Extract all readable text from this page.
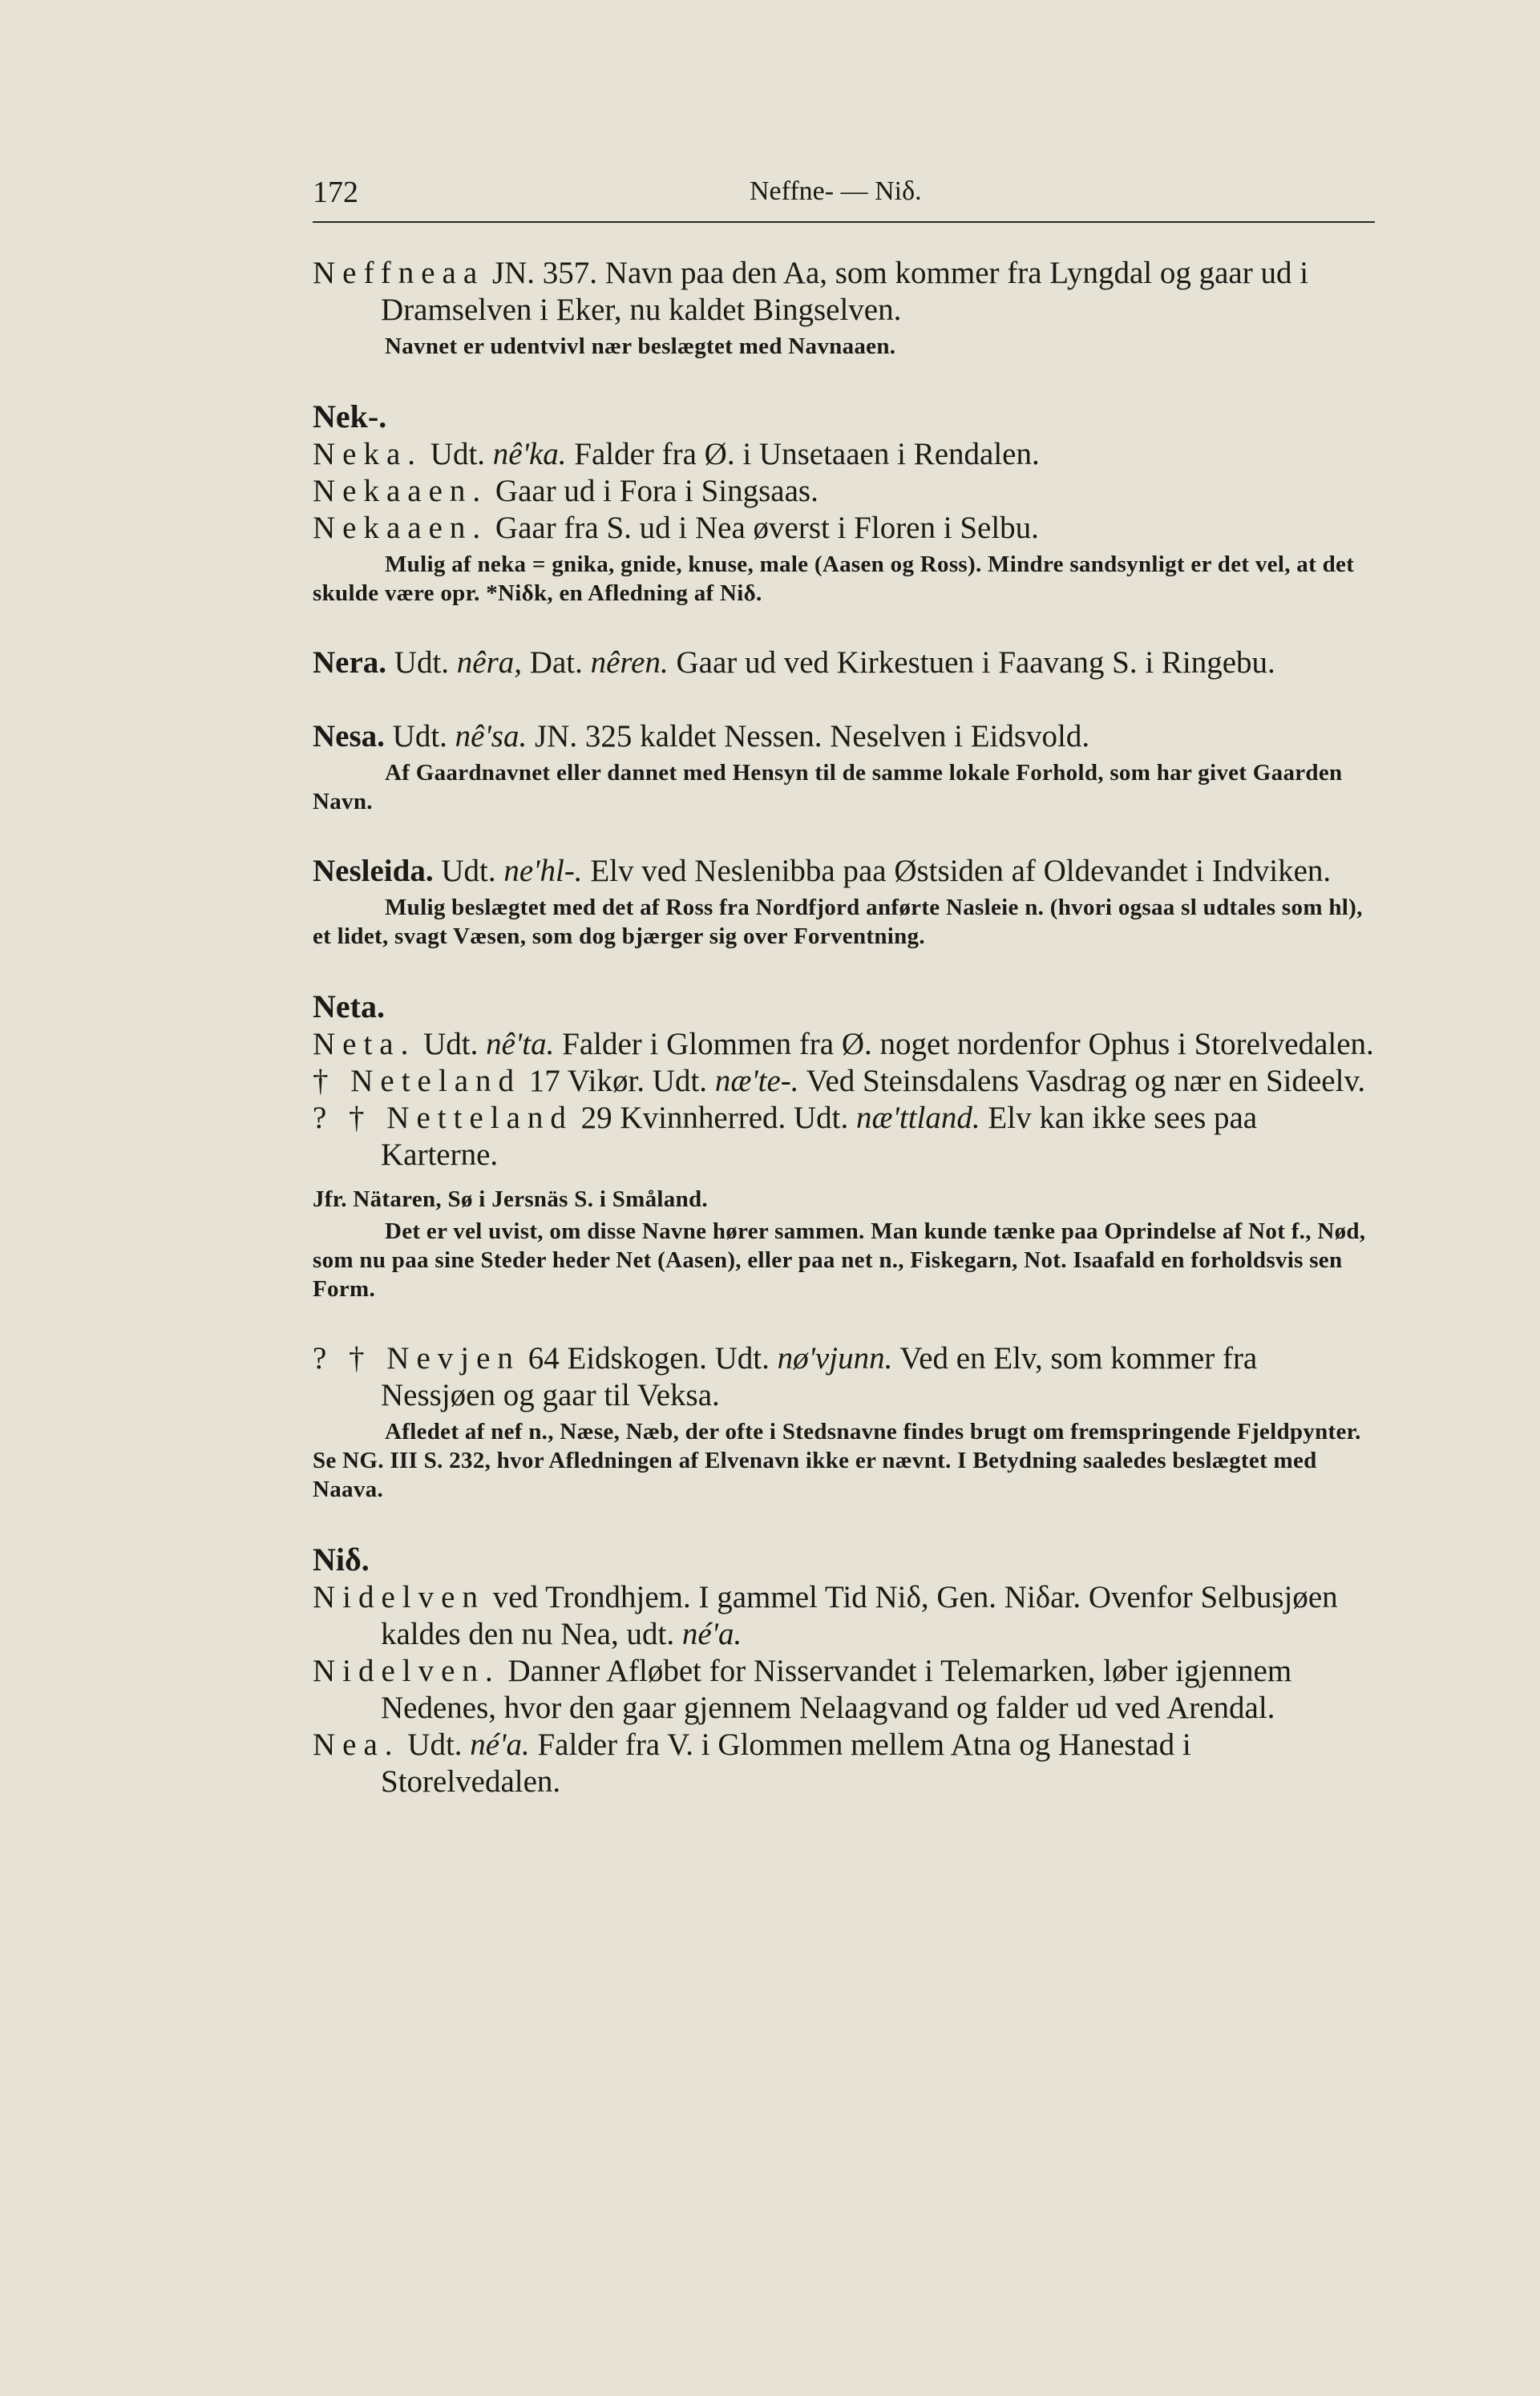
172	Neffne- — Niδ.

Neffneaa JN. 357. Navn paa den Aa, som kommer fra Lyngdal og gaar ud i Dramselven i Eker, nu kaldet Bingselven.

Navnet er udentvivl nær beslægtet med Navnaaen.

Nek-.

Neka. Udt. nê'ka. Falder fra Ø. i Unsetaaen i Rendalen.

Nekaaen. Gaar ud i Fora i Singsaas.

Nekaaen. Gaar fra S. ud i Nea øverst i Floren i Selbu.

Mulig af neka = gnika, gnide, knuse, male (Aasen og Ross). Mindre sandsynligt er det vel, at det skulde være opr. *Niδk, en Afledning af Niδ.

Nera. Udt. nêra, Dat. nêren. Gaar ud ved Kirkestuen i Faavang S. i Ringebu.

Nesa. Udt. nê'sa. JN. 325 kaldet Nessen. Neselven i Eidsvold.

Af Gaardnavnet eller dannet med Hensyn til de samme lokale Forhold, som har givet Gaarden Navn.

Nesleida. Udt. ne'hl-. Elv ved Neslenibba paa Østsiden af Oldevandet i Indviken.

Mulig beslægtet med det af Ross fra Nordfjord anførte Nasleie n. (hvori ogsaa sl udtales som hl), et lidet, svagt Væsen, som dog bjærger sig over Forventning.

Neta.

Neta. Udt. nê'ta. Falder i Glommen fra Ø. noget nordenfor Ophus i Storelvedalen.

† Neteland 17 Vikør. Udt. næ'te-. Ved Steinsdalens Vasdrag og nær en Sideelv.

? † Netteland 29 Kvinnherred. Udt. næ'ttland. Elv kan ikke sees paa Karterne.

Jfr. Nätaren, Sø i Jersnäs S. i Småland.

Det er vel uvist, om disse Navne hører sammen. Man kunde tænke paa Oprindelse af Not f., Nød, som nu paa sine Steder heder Net (Aasen), eller paa net n., Fiskegarn, Not. Isaafald en forholdsvis sen Form.

? † Nevjen 64 Eidskogen. Udt. nø'vjunn. Ved en Elv, som kommer fra Nessjøen og gaar til Veksa.

Afledet af nef n., Næse, Næb, der ofte i Stedsnavne findes brugt om fremspringende Fjeldpynter. Se NG. III S. 232, hvor Afledningen af Elvenavn ikke er nævnt. I Betydning saaledes beslægtet med Naava.

Niδ.

Nidelven ved Trondhjem. I gammel Tid Niδ, Gen. Niδar. Ovenfor Selbusjøen kaldes den nu Nea, udt. né'a.

Nidelven. Danner Afløbet for Nisservandet i Telemarken, løber igjennem Nedenes, hvor den gaar gjennem Nelaagvand og falder ud ved Arendal.

Nea. Udt. né'a. Falder fra V. i Glommen mellem Atna og Hanestad i Storelvedalen.
